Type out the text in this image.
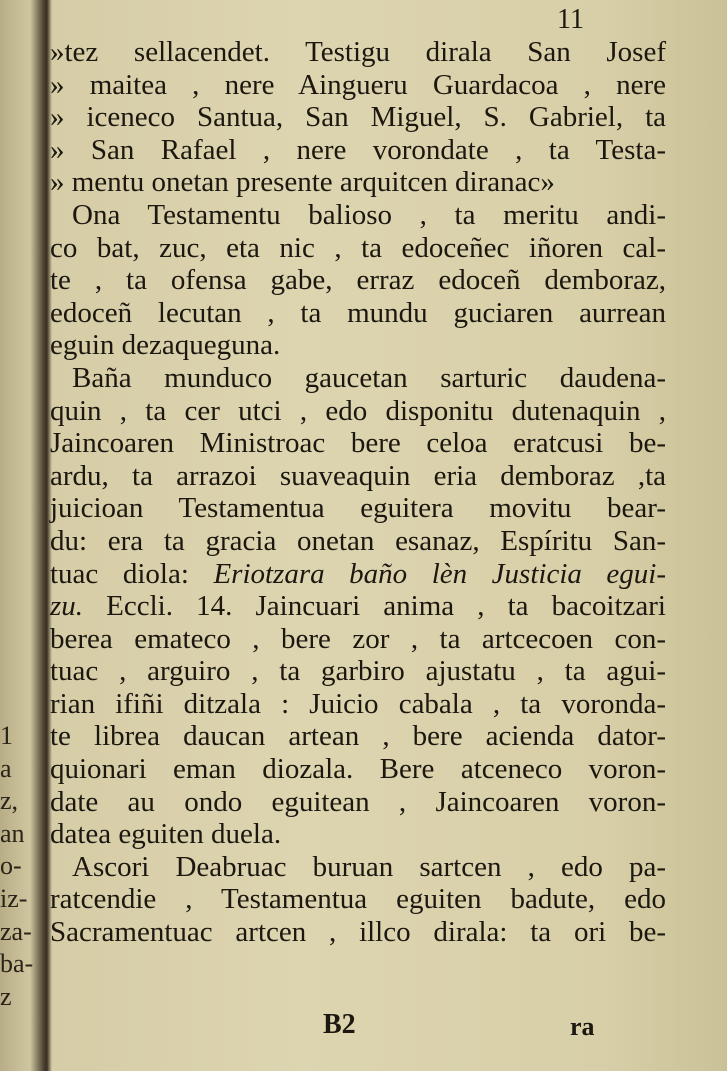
11
»tez sellacendet. Testigu dirala San Josef
» maitea , nere Aingueru Guardacoa , nere
» iceneco Santua, San Miguel, S. Gabriel, ta
» San Rafael , nere vorondate , ta Testa-
» mentu onetan presente arquitcen diranac»
Ona Testamentu balioso , ta meritu andi-
co bat, zuc, eta nic , ta edoceñec iñoren cal-
te , ta ofensa gabe, erraz edoceñ demboraz,
edoceñ lecutan , ta mundu guciaren aurrean
eguin dezaqueguna.
Baña munduco gaucetan sarturic daudena-
quin , ta cer utci , edo disponitu dutenaquin ,
Jaincoaren Ministroac bere celoa eratcusi be-
ardu, ta arrazoi suaveaquin eria demboraz ,ta
juicioan Testamentua eguitera movitu bear-
du: era ta gracia onetan esanaz, Espíritu San-
tuac diola: Eriotzara baño lèn Justicia egui-
zu. Eccli. 14. Jaincuari anima , ta bacoitzari
berea emateco , bere zor , ta artcecoen con-
tuac , arguiro , ta garbiro ajustatu , ta agui-
rian ifiñi ditzala : Juicio cabala , ta voronda-
te librea daucan artean , bere acienda dator-
quionari eman diozala. Bere atceneco voron-
date au ondo eguitean , Jaincoaren voron-
datea eguiten duela.
Ascori Deabruac buruan sartcen , edo pa-
ratcendie , Testamentua eguiten badute, edo
Sacramentuac artcen , illco dirala: ta ori be-
1
a
z,
an
o-
iz-
za-
ba-
z
B2	ra
